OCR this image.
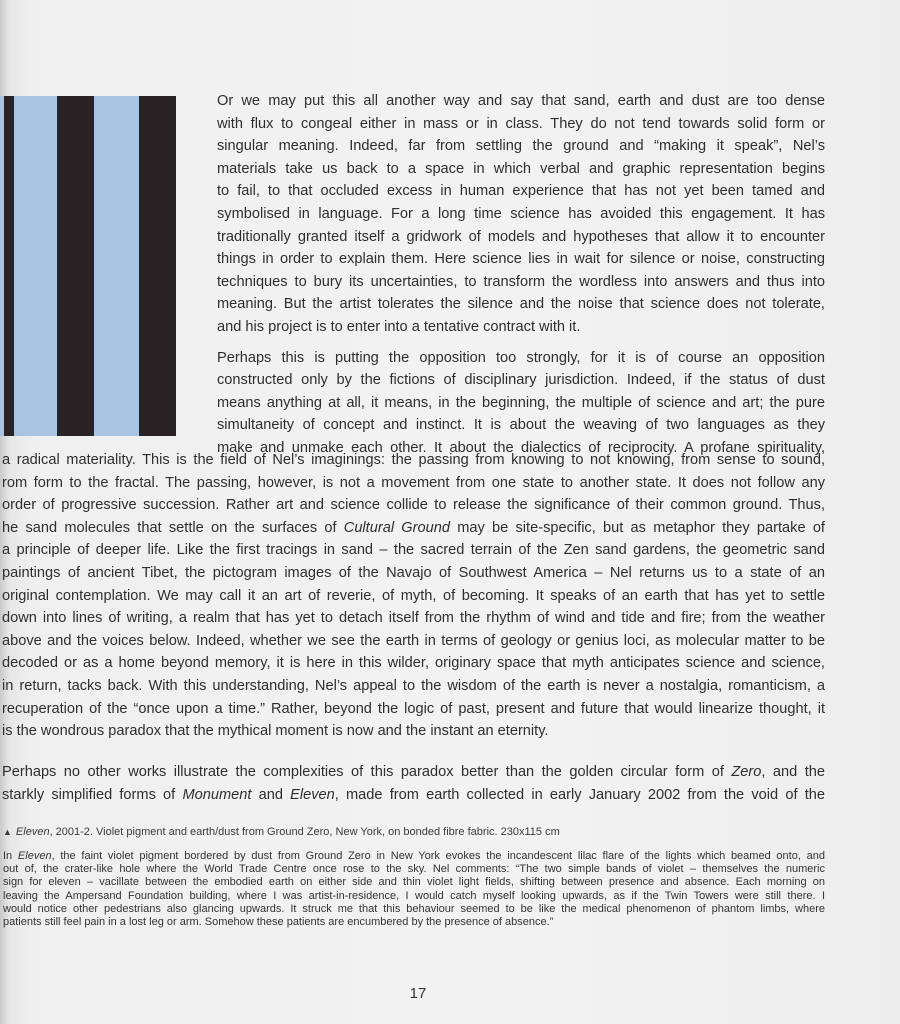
Or we may put this all another way and say that sand, earth and dust are too dense
with flux to congeal either in mass or in class. They do not tend towards solid form or
singular meaning. Indeed, far from settling the ground and “making it speak”, Nel’s
materials take us back to a space in which verbal and graphic representation begins
to fail, to that occluded excess in human experience that has not yet been tamed and
symbolised in language. For a long time science has avoided this engagement. It has
traditionally granted itself a gridwork of models and hypotheses that allow it to encounter
things in order to explain them. Here science lies in wait for silence or noise, constructing
techniques to bury its uncertainties, to transform the wordless into answers and thus into
meaning. But the artist tolerates the silence and the noise that science does not tolerate,
and his project is to enter into a tentative contract with it.

Perhaps this is putting the opposition too strongly, for it is of course an opposition
constructed only by the fictions of disciplinary jurisdiction. Indeed, if the status of dust
means anything at all, it means, in the beginning, the multiple of science and art; the pure
simultaneity of concept and instinct. It is about the weaving of two languages as they
make and unmake each other. It about the dialectics of reciprocity. A profane spirituality,

a radical materiality. This is the field of Nel’s imaginings: the passing from knowing to not knowing, from sense to sound,
rom form to the fractal. The passing, however, is not a movement from one state to another state. It does not follow any
order of progressive succession. Rather art and science collide to release the significance of their common ground. Thus,
he sand molecules that settle on the surfaces of Cultural Ground may be site-specific, but as metaphor they partake of
a principle of deeper life. Like the first tracings in sand – the sacred terrain of the Zen sand gardens, the geometric sand
paintings of ancient Tibet, the pictogram images of the Navajo of Southwest America – Nel returns us to a state of an
original contemplation. We may call it an art of reverie, of myth, of becoming. It speaks of an earth that has yet to settle
down into lines of writing, a realm that has yet to detach itself from the rhythm of wind and tide and fire; from the weather
above and the voices below. Indeed, whether we see the earth in terms of geology or genius loci, as molecular matter to be
decoded or as a home beyond memory, it is here in this wilder, originary space that myth anticipates science and science,
in return, tacks back. With this understanding, Nel’s appeal to the wisdom of the earth is never a nostalgia, romanticism, a
recuperation of the “once upon a time.” Rather, beyond the logic of past, present and future that would linearize thought, it
is the wondrous paradox that the mythical moment is now and the instant an eternity.

Perhaps no other works illustrate the complexities of this paradox better than the golden circular form of Zero, and the
starkly simplified forms of Monument and Eleven, made from earth collected in early January 2002 from the void of the

▲ Eleven, 2001-2. Violet pigment and earth/dust from Ground Zero, New York, on bonded fibre fabric. 230x115 cm
In Eleven, the faint violet pigment bordered by dust from Ground Zero in New York evokes the incandescent lilac flare of the lights which beamed onto, and
out of, the crater-like hole where the World Trade Centre once rose to the sky. Nel comments: “The two simple bands of violet – themselves the numeric
sign for eleven – vacillate between the embodied earth on either side and thin violet light fields, shifting between presence and absence. Each morning on
leaving the Ampersand Foundation building, where I was artist-in-residence, I would catch myself looking upwards, as if the Twin Towers were still there. I
would notice other pedestrians also glancing upwards. It struck me that this behaviour seemed to be like the medical phenomenon of phantom limbs, where
patients still feel pain in a lost leg or arm. Somehow these patients are encumbered by the presence of absence.”
17
